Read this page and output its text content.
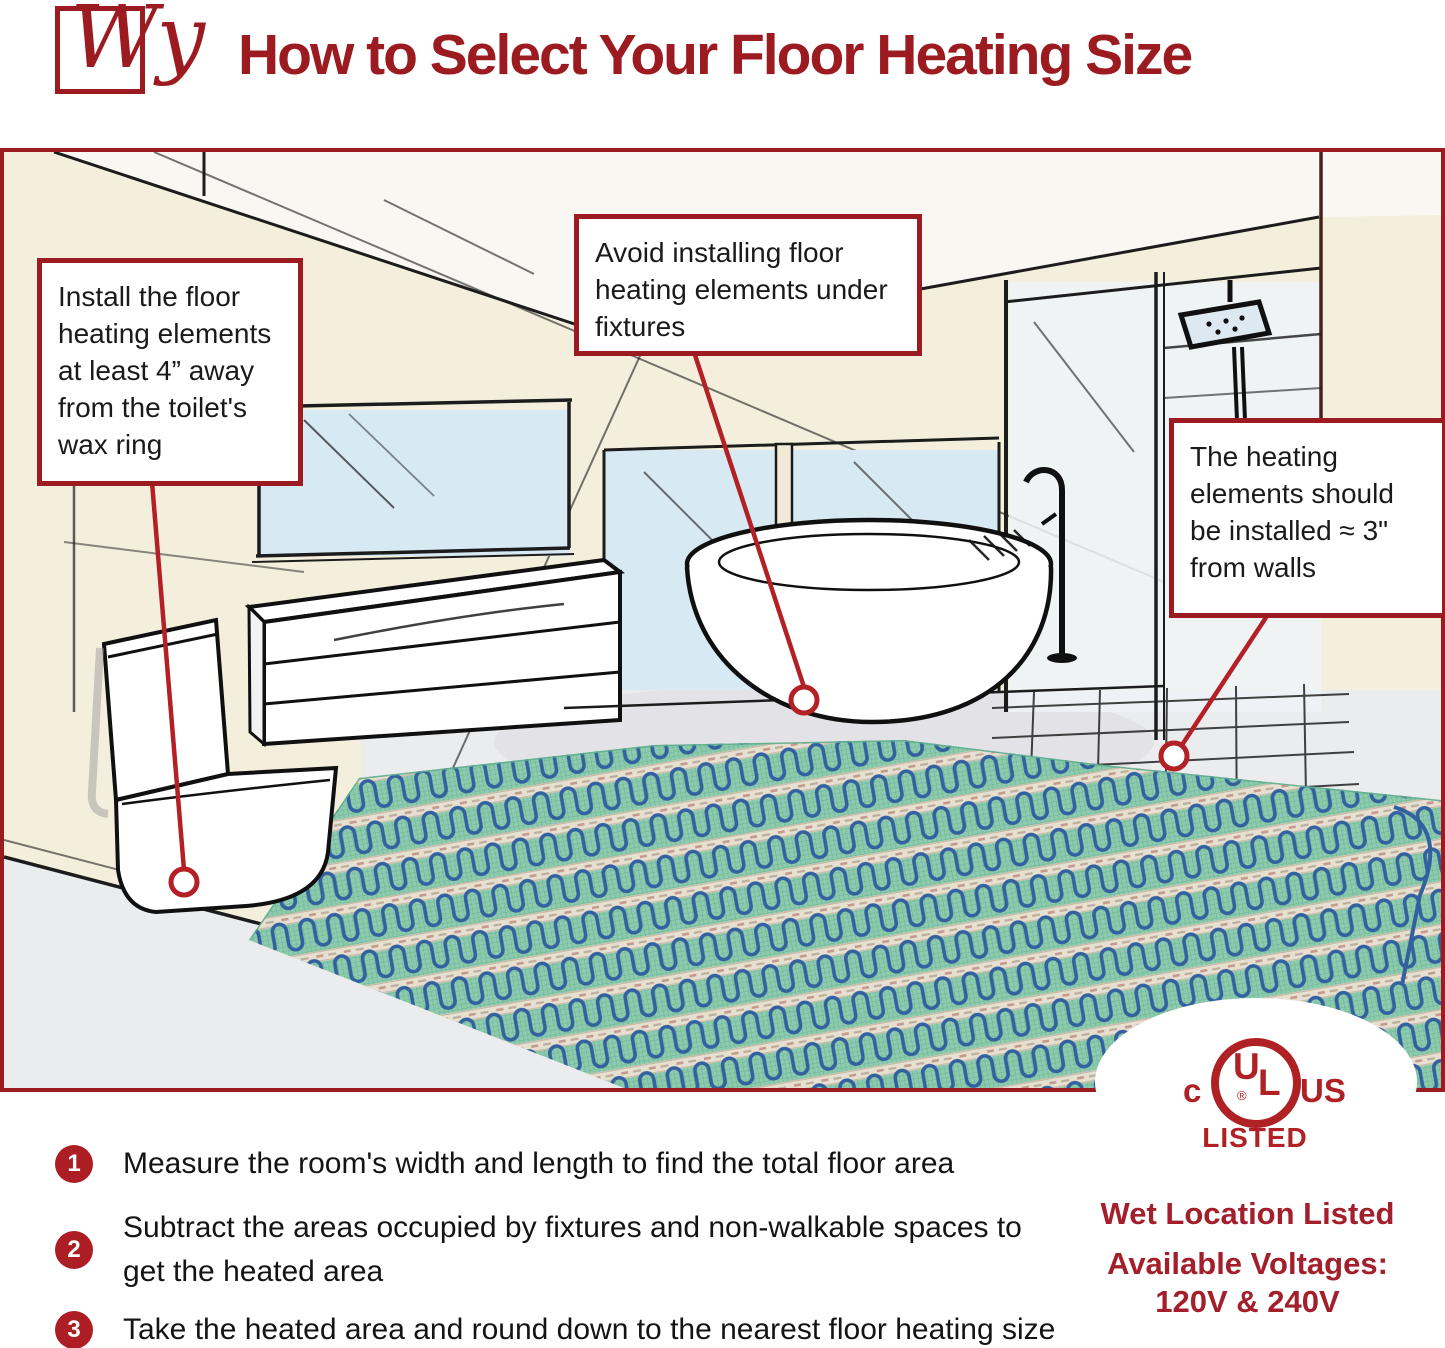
Wy How to Select Your Floor Heating Size
Install the floor heating elements at least 4” away from the toilet's wax ring
Avoid installing floor heating elements under fixtures
The heating elements should be installed ≈ 3" from walls
U
L
®
c	US
LISTED
Wet Location Listed
Available Voltages:
120V & 240V
1	Measure the room's width and length to find the total floor area
2
Subtract the areas occupied by fixtures and non-walkable spaces to get the heated area
3	Take the heated area and round down to the nearest floor heating size
